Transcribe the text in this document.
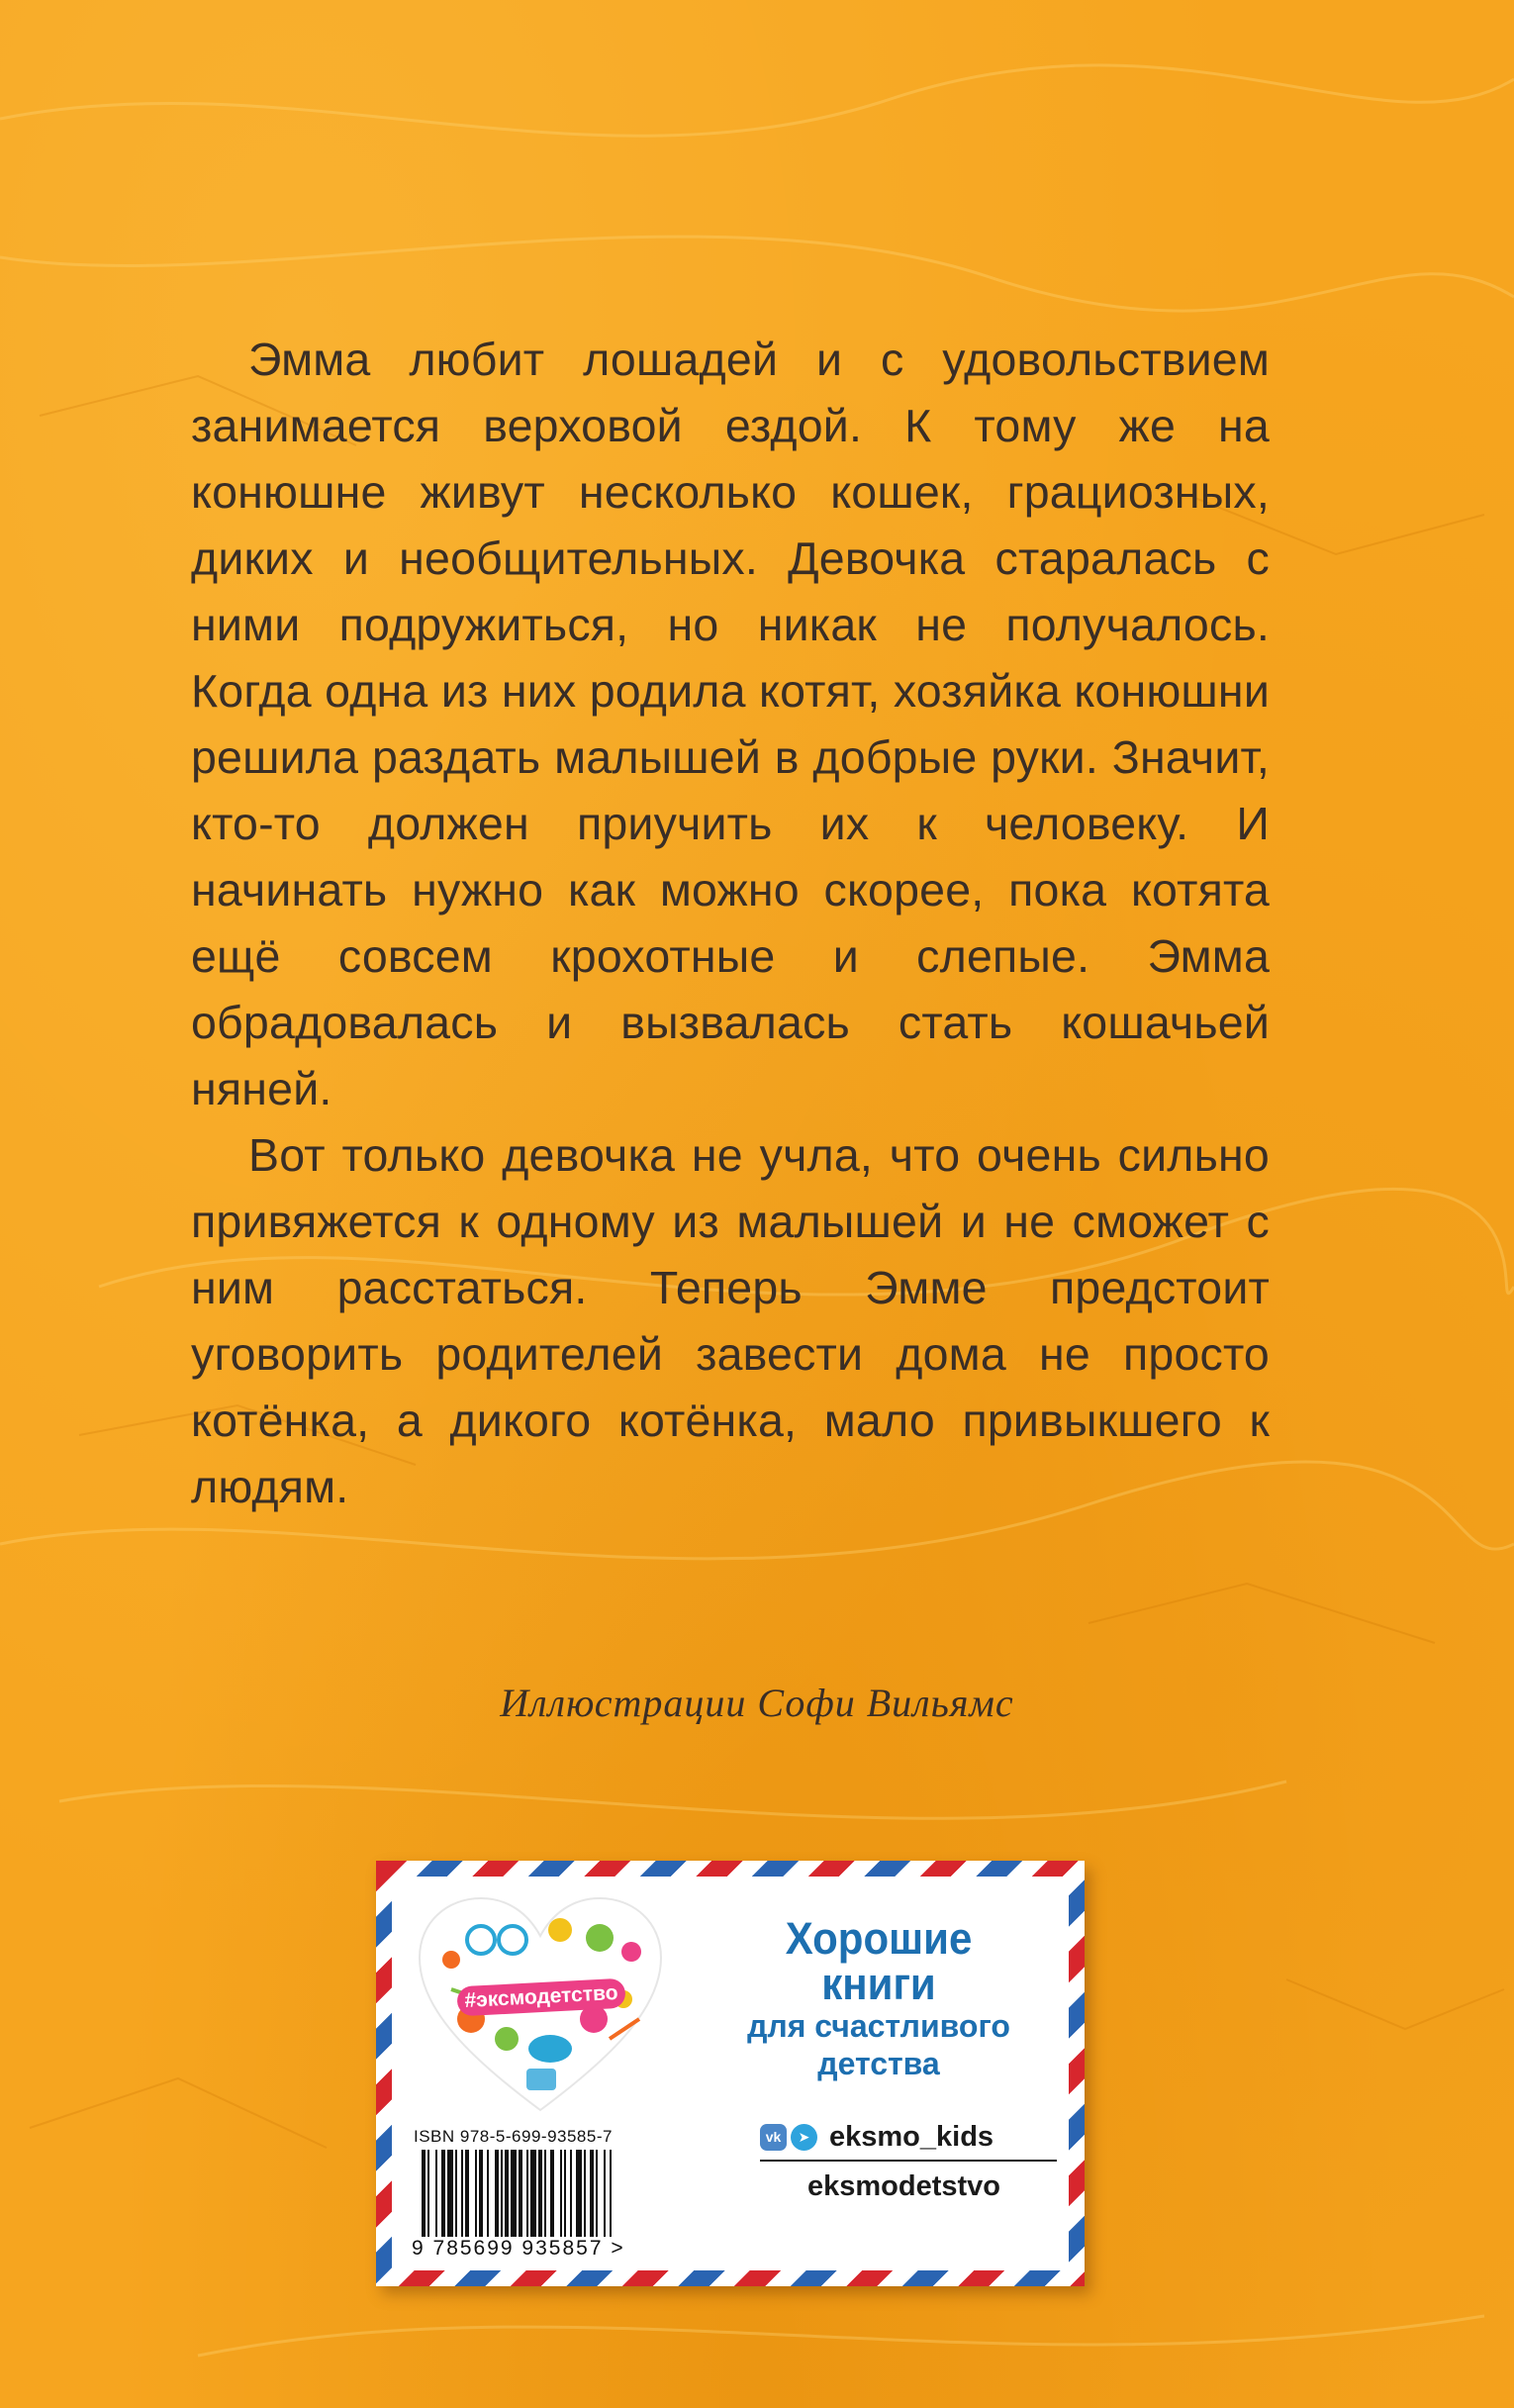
Эмма любит лошадей и с удовольствием занимается верховой ездой. К тому же на конюшне живут несколько кошек, грациозных, диких и необщительных. Девочка старалась с ними подружиться, но никак не получалось. Когда одна из них родила котят, хозяйка конюшни решила раздать малышей в добрые руки. Значит, кто-то должен приучить их к человеку. И начинать нужно как можно скорее, пока котята ещё совсем крохотные и слепые. Эмма обрадовалась и вызвалась стать кошачьей няней.

Вот только девочка не учла, что очень сильно привяжется к одному из малышей и не сможет с ним расстаться. Теперь Эмме предстоит уговорить родителей завести дома не просто котёнка, а дикого котёнка, мало привыкшего к людям.

Иллюстрации Софи Вильямс
#эксмодетство
Хорошие
книги
для счастливого
детства
ISBN 978-5-699-93585-7
9 785699 935857 >
vk	➤ eksmo_kids
eksmodetstvo
